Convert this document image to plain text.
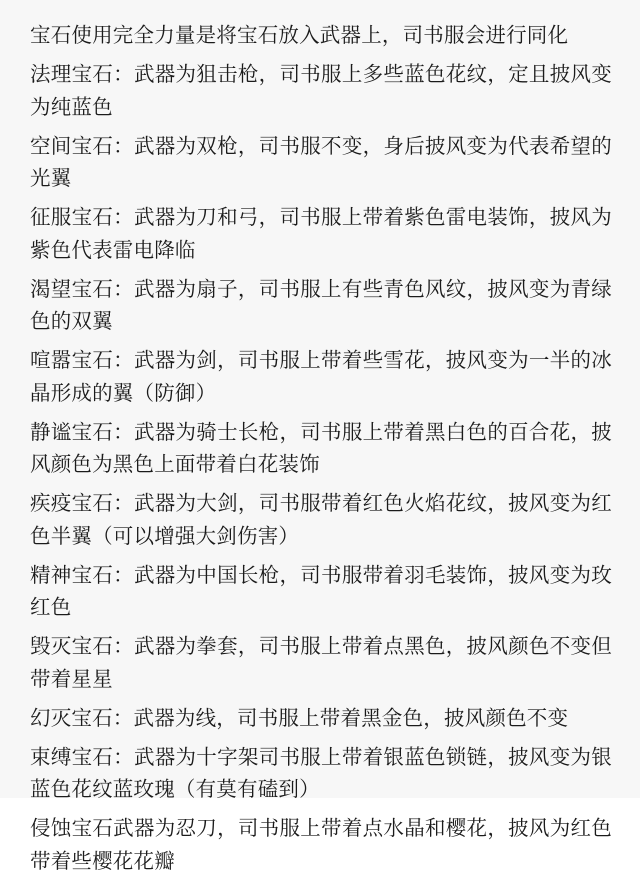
宝石使用完全力量是将宝石放入武器上，司书服会进行同化

法理宝石：武器为狙击枪，司书服上多些蓝色花纹，定且披风变为纯蓝色

空间宝石：武器为双枪，司书服不变，身后披风变为代表希望的光翼

征服宝石：武器为刀和弓，司书服上带着紫色雷电装饰，披风为紫色代表雷电降临

渴望宝石：武器为扇子，司书服上有些青色风纹，披风变为青绿色的双翼

喧嚣宝石：武器为剑，司书服上带着些雪花，披风变为一半的冰晶形成的翼（防御）

静谧宝石：武器为骑士长枪，司书服上带着黑白色的百合花，披风颜色为黑色上面带着白花装饰

疾疫宝石：武器为大剑，司书服带着红色火焰花纹，披风变为红色半翼（可以增强大剑伤害）

精神宝石：武器为中国长枪，司书服带着羽毛装饰，披风变为玫红色

毁灭宝石：武器为拳套，司书服上带着点黑色，披风颜色不变但带着星星

幻灭宝石：武器为线，司书服上带着黑金色，披风颜色不变

束缚宝石：武器为十字架司书服上带着银蓝色锁链，披风变为银蓝色花纹蓝玫瑰（有莫有磕到）

侵蚀宝石武器为忍刀，司书服上带着点水晶和樱花，披风为红色带着些樱花花瓣
